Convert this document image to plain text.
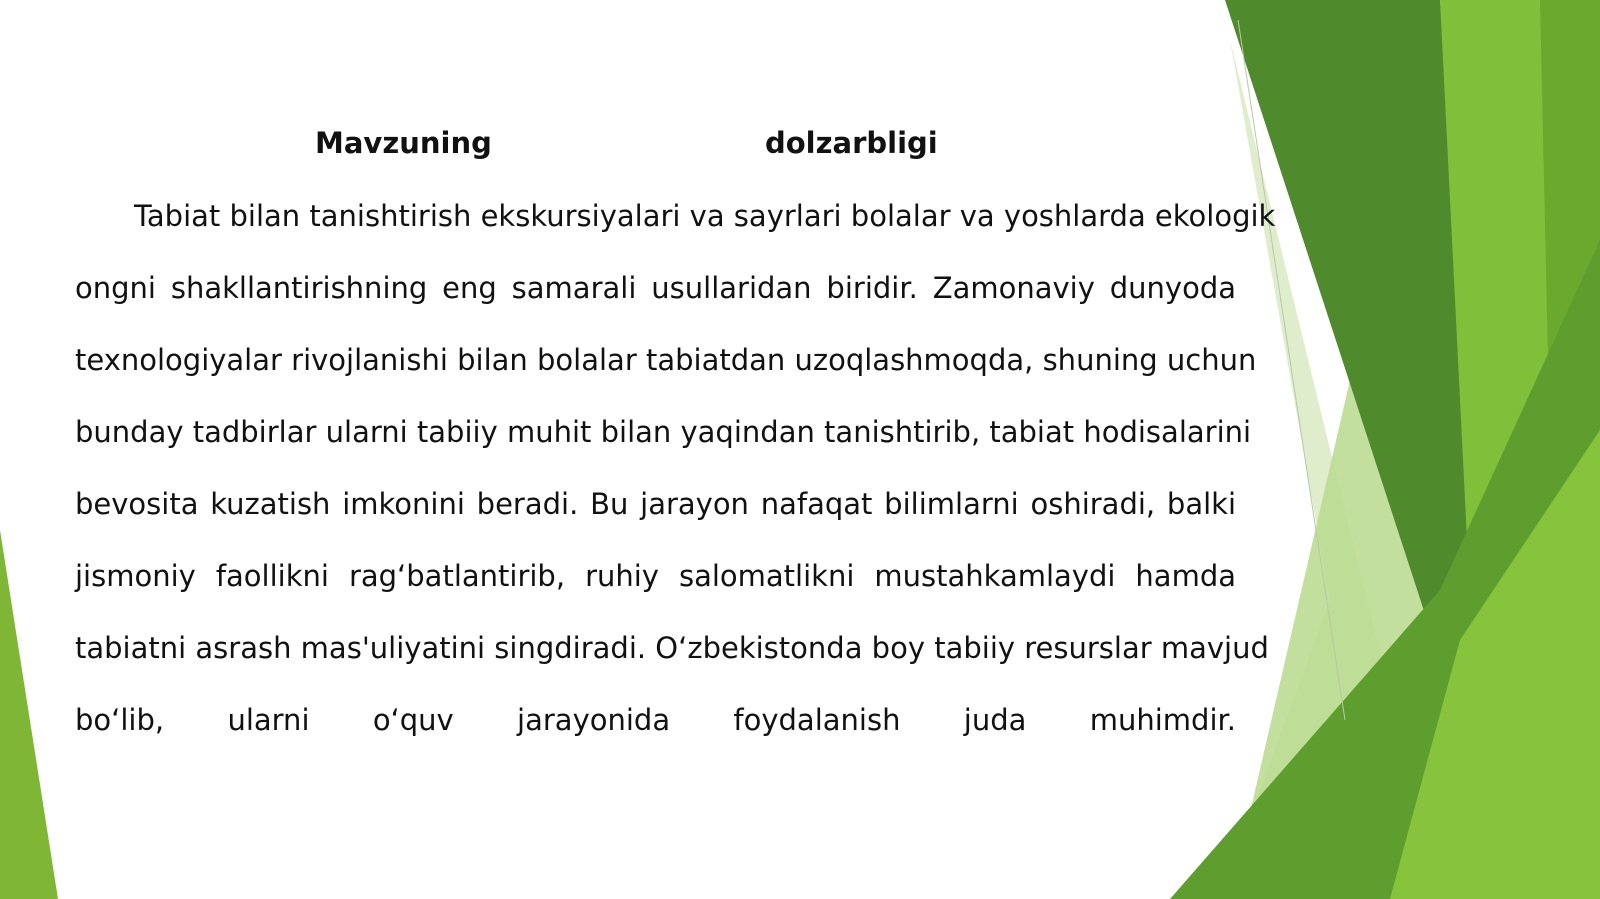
Mavzuning	dolzarbligi
Tabiat bilan tanishtirish ekskursiyalari va sayrlari bolalar va yoshlarda ekologik
ongni shakllantirishning eng samarali usullaridan biridir. Zamonaviy dunyoda
texnologiyalar rivojlanishi bilan bolalar tabiatdan uzoqlashmoqda, shuning uchun
bunday tadbirlar ularni tabiiy muhit bilan yaqindan tanishtirib, tabiat hodisalarini
bevosita kuzatish imkonini beradi. Bu jarayon nafaqat bilimlarni oshiradi, balki
jismoniy faollikni rag‘batlantirib, ruhiy salomatlikni mustahkamlaydi hamda
tabiatni asrash mas'uliyatini singdiradi. O‘zbekistonda boy tabiiy resurslar mavjud
bo‘lib, ularni o‘quv jarayonida foydalanish juda muhimdir.
